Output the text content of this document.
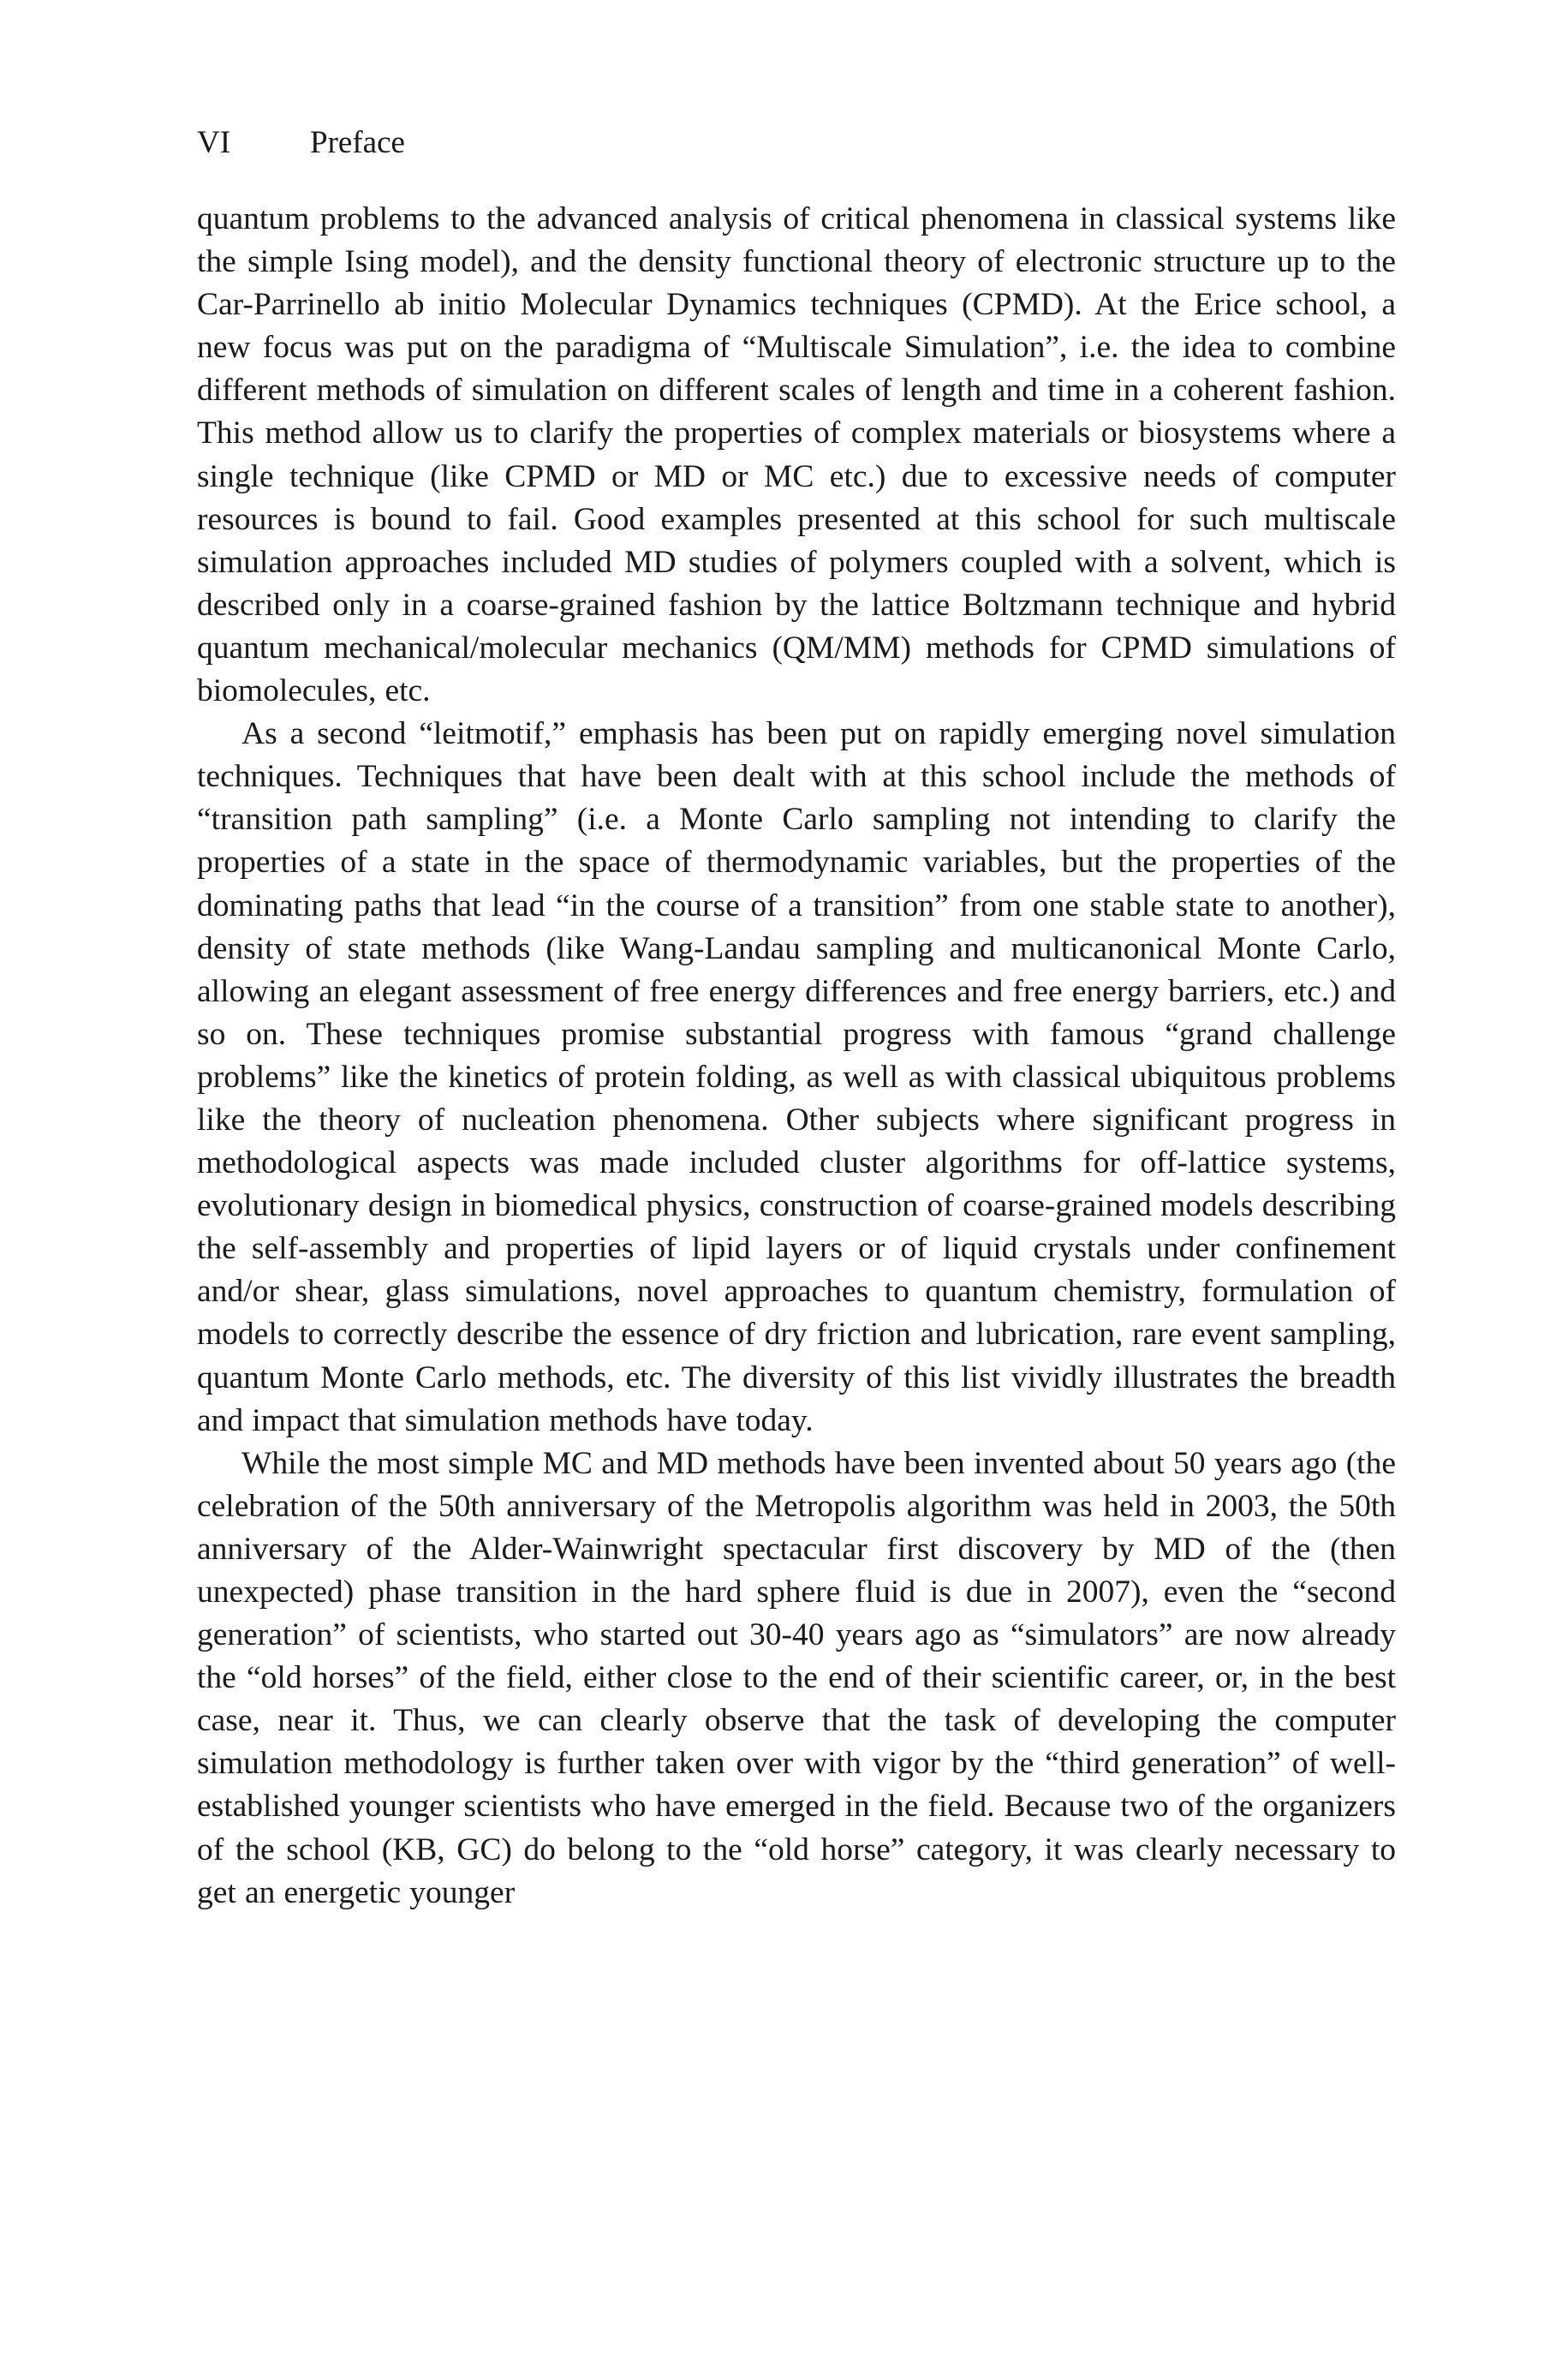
VI	Preface

quantum problems to the advanced analysis of critical phenomena in classical systems like the simple Ising model), and the density functional theory of electronic structure up to the Car-Parrinello ab initio Molecular Dynamics techniques (CPMD). At the Erice school, a new focus was put on the paradigma of “Multiscale Simulation”, i.e. the idea to combine different methods of simulation on different scales of length and time in a coherent fashion. This method allow us to clarify the properties of complex materials or biosystems where a single technique (like CPMD or MD or MC etc.) due to excessive needs of computer resources is bound to fail. Good examples presented at this school for such multiscale simulation approaches included MD studies of polymers coupled with a solvent, which is described only in a coarse-grained fashion by the lattice Boltzmann technique and hybrid quantum mechanical/molecular mechanics (QM/MM) methods for CPMD simulations of biomolecules, etc.

As a second “leitmotif,” emphasis has been put on rapidly emerging novel simulation techniques. Techniques that have been dealt with at this school include the methods of “transition path sampling” (i.e. a Monte Carlo sampling not intending to clarify the properties of a state in the space of thermodynamic variables, but the properties of the dominating paths that lead “in the course of a transition” from one stable state to another), density of state methods (like Wang-Landau sampling and multicanonical Monte Carlo, allowing an elegant assessment of free energy differences and free energy barriers, etc.) and so on. These techniques promise substantial progress with famous “grand challenge problems” like the kinetics of protein folding, as well as with classical ubiquitous problems like the theory of nucleation phenomena. Other subjects where significant progress in methodological aspects was made included cluster algorithms for off-lattice systems, evolutionary design in biomedical physics, construction of coarse-grained models describing the self-assembly and properties of lipid layers or of liquid crystals under confinement and/or shear, glass simulations, novel approaches to quantum chemistry, formulation of models to correctly describe the essence of dry friction and lubrication, rare event sampling, quantum Monte Carlo methods, etc. The diversity of this list vividly illustrates the breadth and impact that simulation methods have today.

While the most simple MC and MD methods have been invented about 50 years ago (the celebration of the 50th anniversary of the Metropolis algorithm was held in 2003, the 50th anniversary of the Alder-Wainwright spectacular first discovery by MD of the (then unexpected) phase transition in the hard sphere fluid is due in 2007), even the “second generation” of scientists, who started out 30-40 years ago as “simulators” are now already the “old horses” of the field, either close to the end of their scientific career, or, in the best case, near it. Thus, we can clearly observe that the task of developing the computer simulation methodology is further taken over with vigor by the “third generation” of well-established younger scientists who have emerged in the field. Because two of the organizers of the school (KB, GC) do belong to the “old horse” category, it was clearly necessary to get an energetic younger
